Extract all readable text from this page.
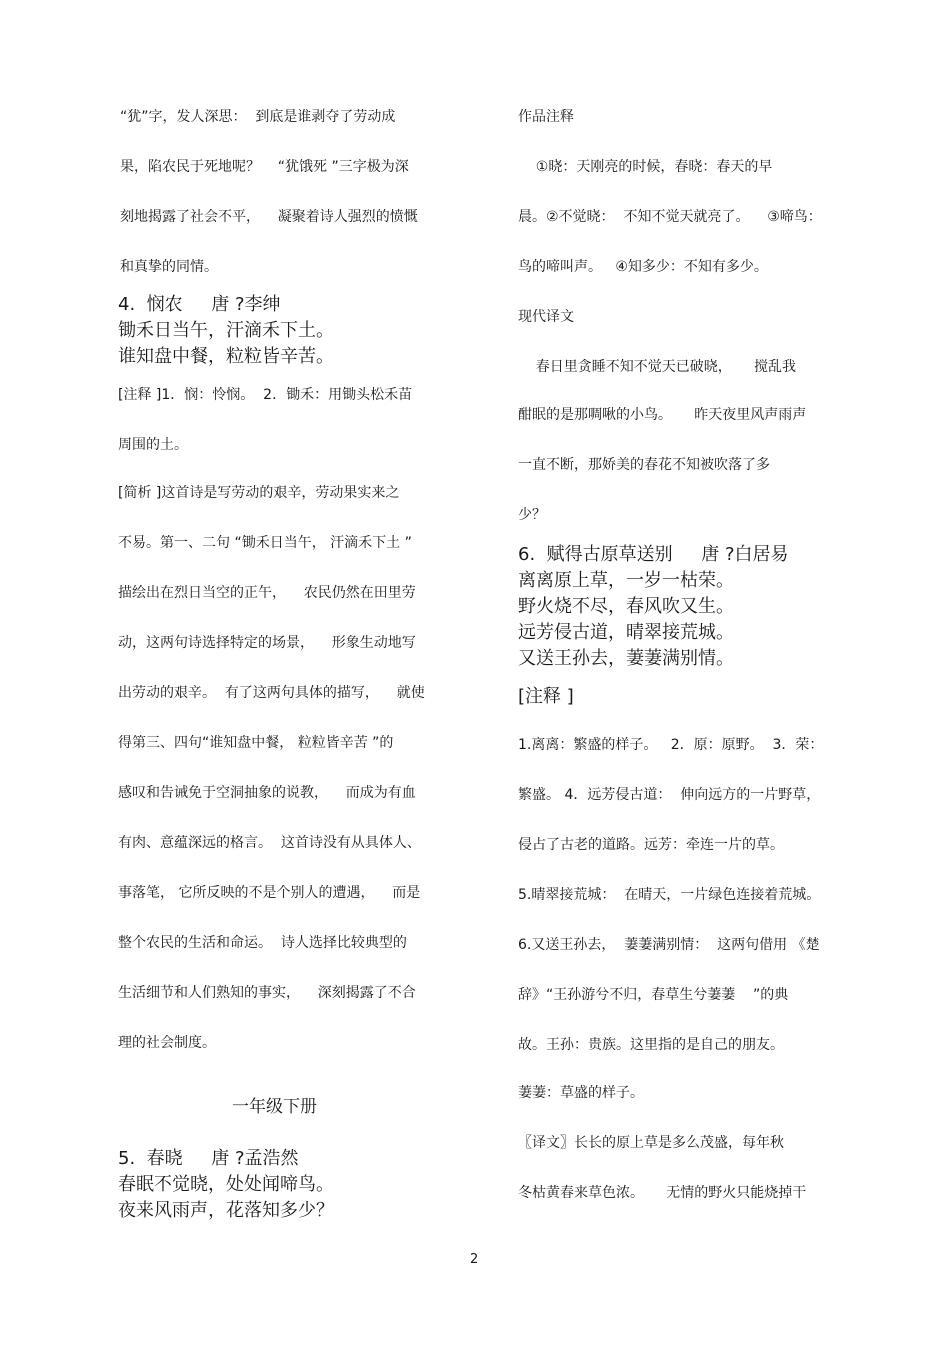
“犹”字，发人深思：  到底是谁剥夺了劳动成
果，陷农民于死地呢？    “犹饿死 ”三字极为深
刻地揭露了社会不平，    凝聚着诗人强烈的愤慨
和真挚的同情。
4.  悯农     唐 ?李绅
锄禾日当午，汗滴禾下土。
谁知盘中餐，粒粒皆辛苦。
[注释 ]1．悯：怜悯。  2．锄禾：用锄头松禾苗
周围的土。
[简析 ]这首诗是写劳动的艰辛，劳动果实来之
不易。第一、二句 “锄禾日当午， 汗滴禾下土 ”
描绘出在烈日当空的正午，    农民仍然在田里劳
动，这两句诗选择特定的场景，    形象生动地写
出劳动的艰辛。  有了这两句具体的描写，    就使
得第三、四句“谁知盘中餐， 粒粒皆辛苦 ”的
感叹和告诫免于空洞抽象的说教，    而成为有血
有肉、意蕴深远的格言。  这首诗没有从具体人、
事落笔， 它所反映的不是个别人的遭遇，    而是
整个农民的生活和命运。  诗人选择比较典型的
生活细节和人们熟知的事实，    深刻揭露了不合
理的社会制度。
一年级下册
5.  春晓     唐 ?孟浩然
春眠不觉晓，处处闻啼鸟。
夜来风雨声，花落知多少？
作品注释
①晓：天刚亮的时候，春晓：春天的早
晨。②不觉晓：  不知不觉天就亮了。    ③啼鸟：
鸟的啼叫声。   ④知多少：不知有多少。
现代译文
春日里贪睡不知不觉天已破晓，     搅乱我
酣眠的是那啁啾的小鸟。     昨天夜里风声雨声
一直不断，那娇美的春花不知被吹落了多
少？
6.  赋得古原草送别     唐 ?白居易
离离原上草，一岁一枯荣。
野火烧不尽，春风吹又生。
远芳侵古道，晴翠接荒城。
又送王孙去，萋萋满别情。
[注释 ]
1.离离：繁盛的样子。   2．原：原野。  3．荣：
繁盛。 4．远芳侵古道：  伸向远方的一片野草，
侵占了古老的道路。远芳：牵连一片的草。
5.晴翠接荒城：  在晴天，一片绿色连接着荒城。
6.又送王孙去，  萋萋满别情：  这两句借用 《楚
辞》“王孙游兮不归，春草生兮萋萋    ”的典
故。王孙：贵族。这里指的是自己的朋友。
萋萋：草盛的样子。
〖译文〗长长的原上草是多么茂盛，每年秋
冬枯黄春来草色浓。     无情的野火只能烧掉干
2
